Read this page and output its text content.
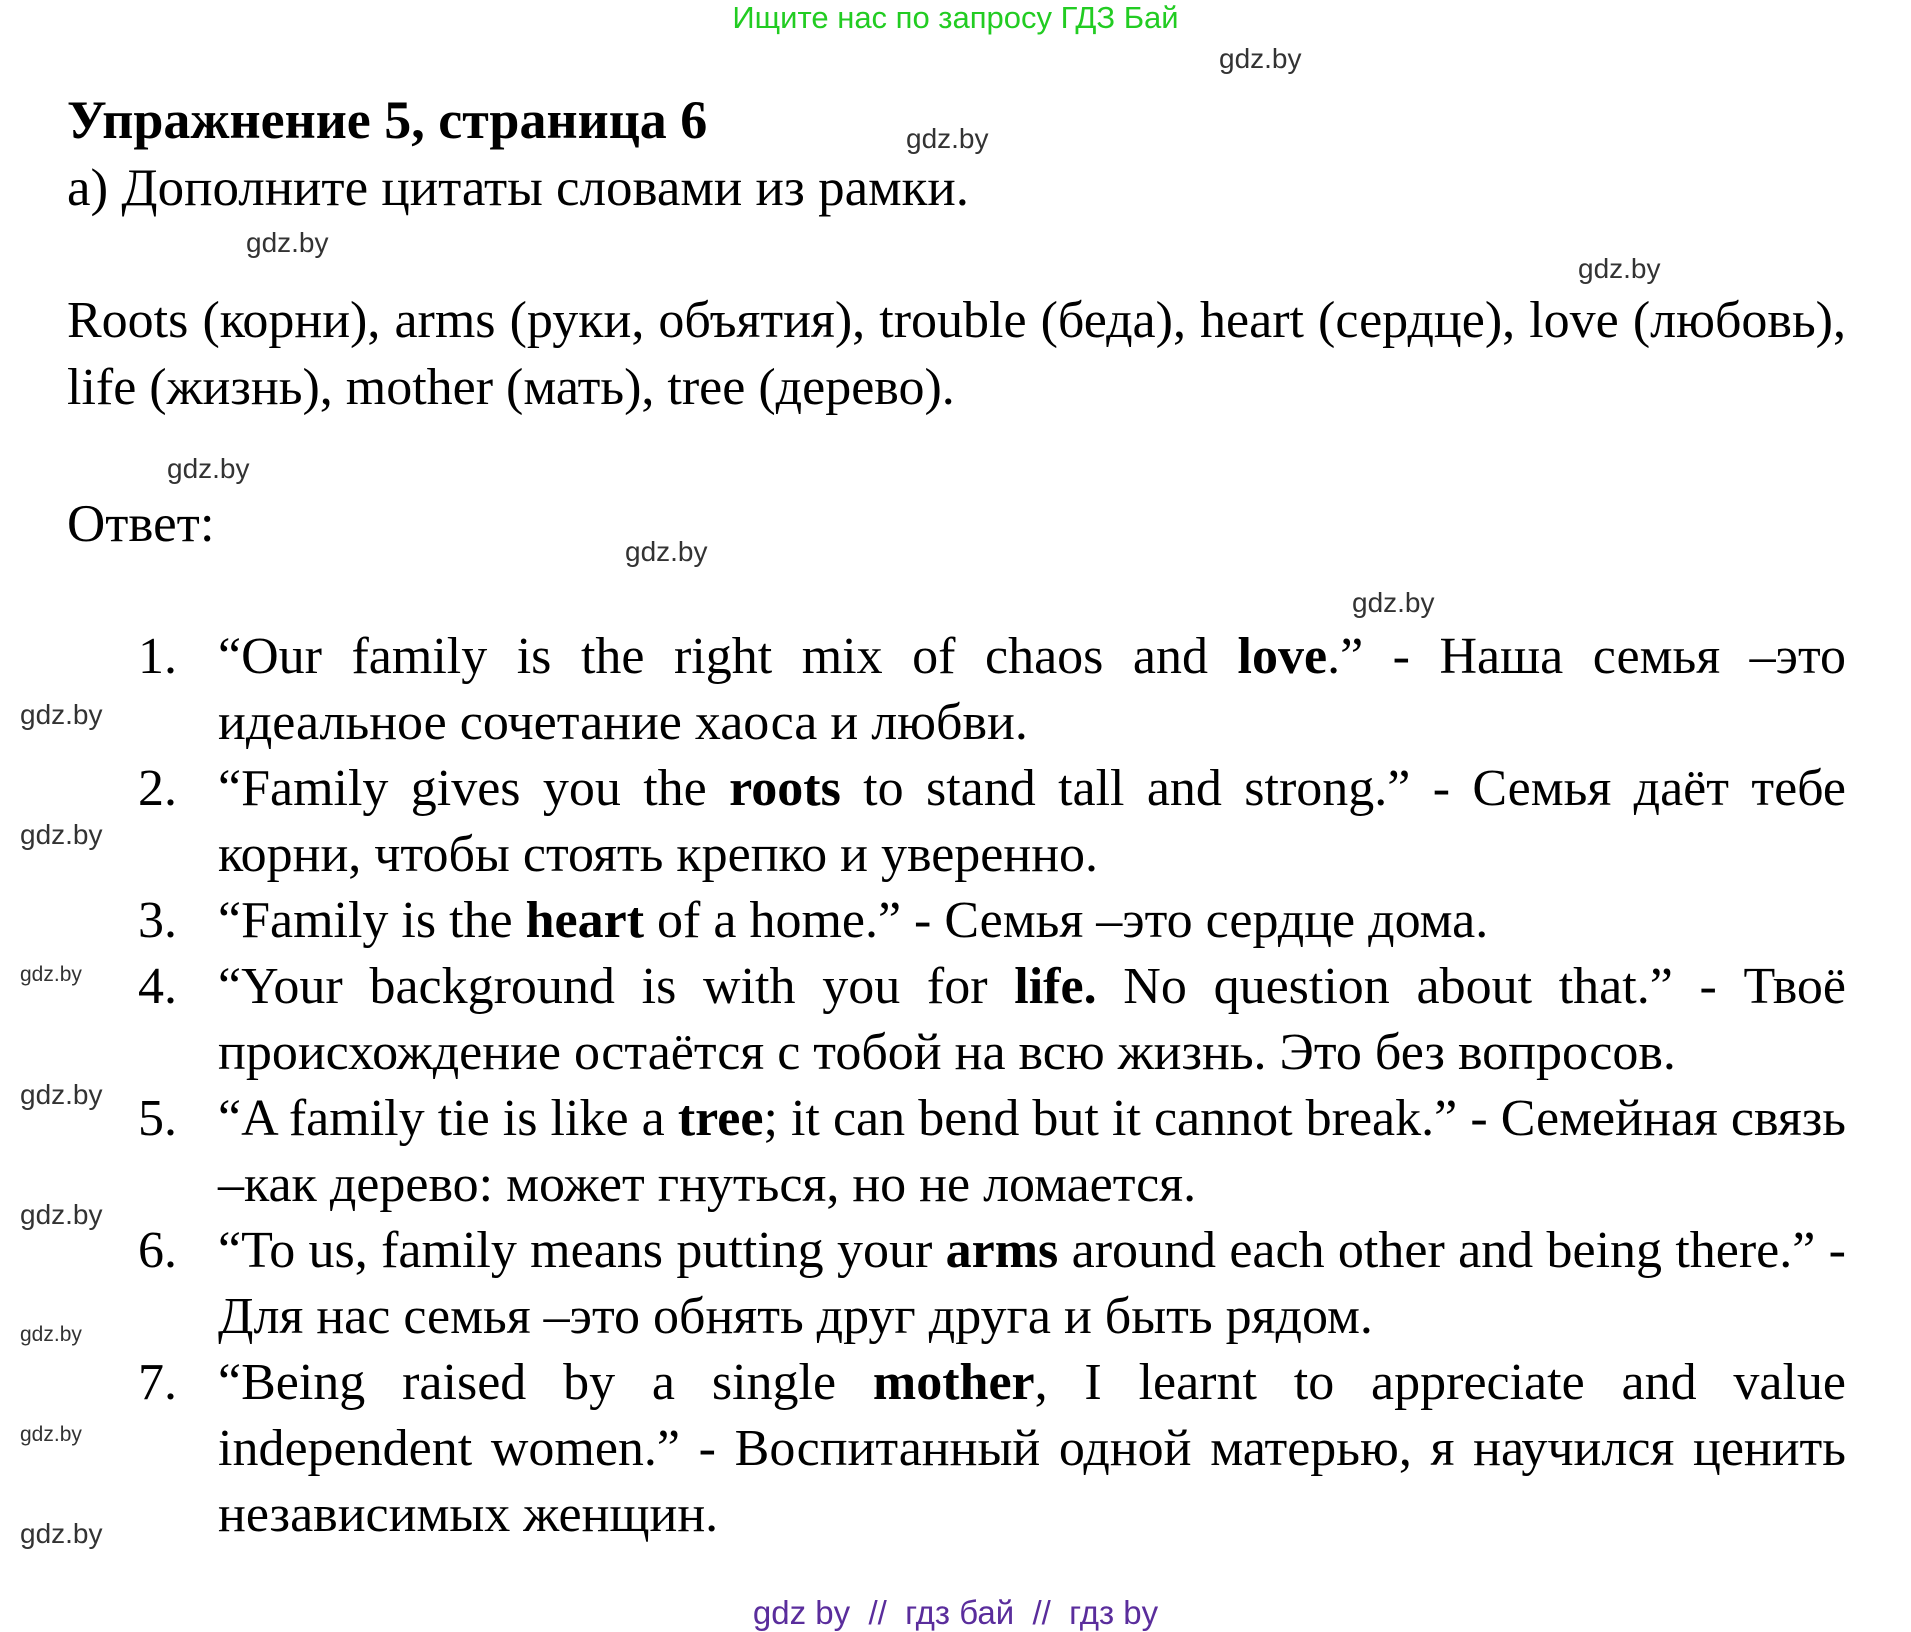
Ищите нас по запросу ГДЗ Бай
gdz.by
gdz.by
gdz.by
gdz.by
gdz.by
gdz.by
gdz.by
gdz.by
gdz.by
gdz.by
gdz.by
gdz.by
gdz.by
gdz.by
gdz.by
Упражнение 5, страница 6
а) Дополните цитаты словами из рамки.
Roots (корни), arms (руки, объятия), trouble (беда), heart (сердце), love (любовь), life (жизнь), mother (мать), tree (дерево).
Ответ:
1. “Our family is the right mix of chaos and love.” - Наша семья –это идеальное сочетание хаоса и любви.
2. “Family gives you the roots to stand tall and strong.” - Семья даёт тебе корни, чтобы стоять крепко и уверенно.
3. “Family is the heart of a home.” - Семья –это сердце дома.
4. “Your background is with you for life. No question about that.” - Твоё происхождение остаётся с тобой на всю жизнь. Это без вопросов.
5. “A family tie is like a tree; it can bend but it cannot break.” - Семейная связь –как дерево: может гнуться, но не ломается.
6. “To us, family means putting your arms around each other and being there.” - Для нас семья –это обнять друг друга и быть рядом.
7. “Being raised by a single mother, I learnt to appreciate and value independent women.” - Воспитанный одной матерью, я научился ценить независимых женщин.
gdz by  //  гдз бай  //  гдз by
